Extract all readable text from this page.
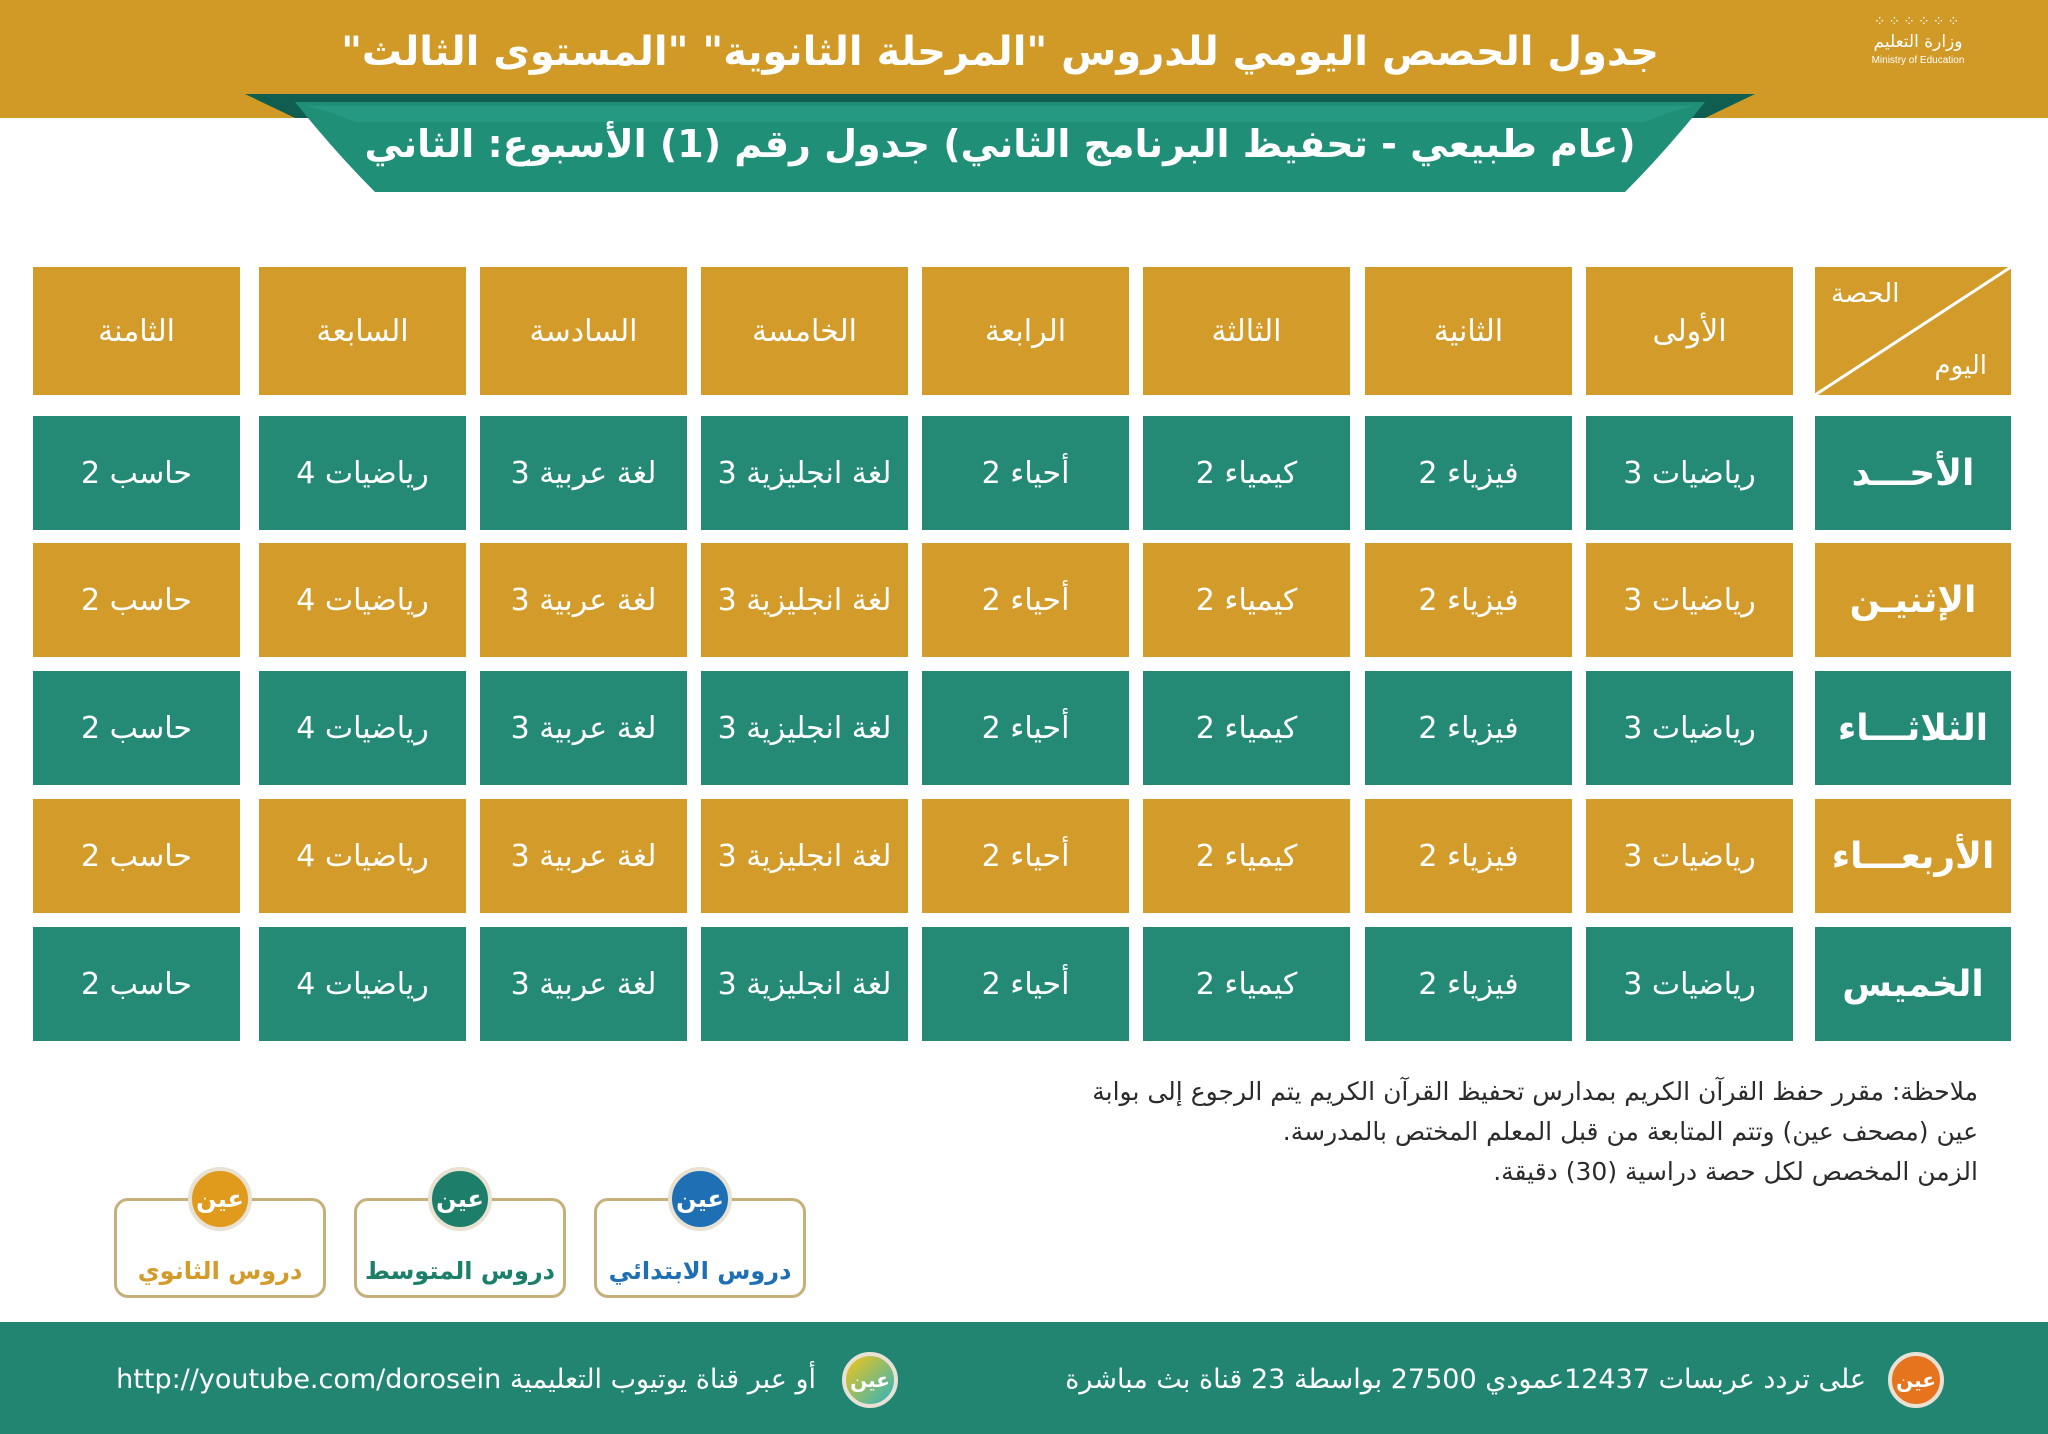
جدول الحصص اليومي للدروس "المرحلة الثانوية" "المستوى الثالث"
⁘⁘⁘⁘⁘⁘
وزارة التعليم
Ministry of Education
(عام طبيعي - تحفيظ البرنامج الثاني) جدول رقم (1) الأسبوع: الثاني
الحصة
اليوم
الأولى
الثانية
الثالثة
الرابعة
الخامسة
السادسة
السابعة
الثامنة
الأحـــد
رياضيات 3
فيزياء 2
كيمياء 2
أحياء 2
لغة انجليزية 3
لغة عربية 3
رياضيات 4
حاسب 2
الإثنيـن
رياضيات 3
فيزياء 2
كيمياء 2
أحياء 2
لغة انجليزية 3
لغة عربية 3
رياضيات 4
حاسب 2
الثلاثـــاء
رياضيات 3
فيزياء 2
كيمياء 2
أحياء 2
لغة انجليزية 3
لغة عربية 3
رياضيات 4
حاسب 2
الأربعـــاء
رياضيات 3
فيزياء 2
كيمياء 2
أحياء 2
لغة انجليزية 3
لغة عربية 3
رياضيات 4
حاسب 2
الخميس
رياضيات 3
فيزياء 2
كيمياء 2
أحياء 2
لغة انجليزية 3
لغة عربية 3
رياضيات 4
حاسب 2
ملاحظة: مقرر حفظ القرآن الكريم بمدارس تحفيظ القرآن الكريم يتم الرجوع إلى بوابة
عين (مصحف عين) وتتم المتابعة من قبل المعلم المختص بالمدرسة.
الزمن المخصص لكل حصة دراسية (30) دقيقة.
عين
دروس الابتدائي
عين
دروس المتوسط
عين
دروس الثانوي
عين
على تردد عربسات 12437عمودي 27500 بواسطة 23 قناة بث مباشرة
عين
أو عبر قناة يوتيوب التعليمية http://youtube.com/dorosein
